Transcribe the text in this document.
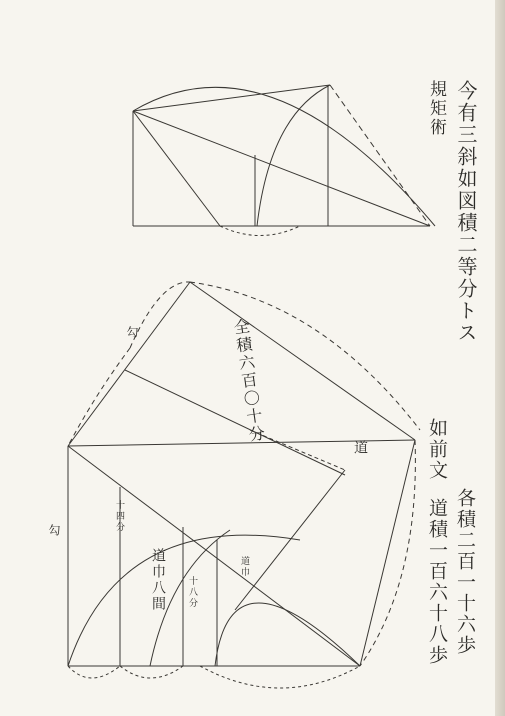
今有三斜如図積二等分トス
規矩術
如前文
各積二百一十六歩
道積一百六十八歩
道巾八間
全積六百〇十分
道
勾
勾	十四分
十八分
道巾
